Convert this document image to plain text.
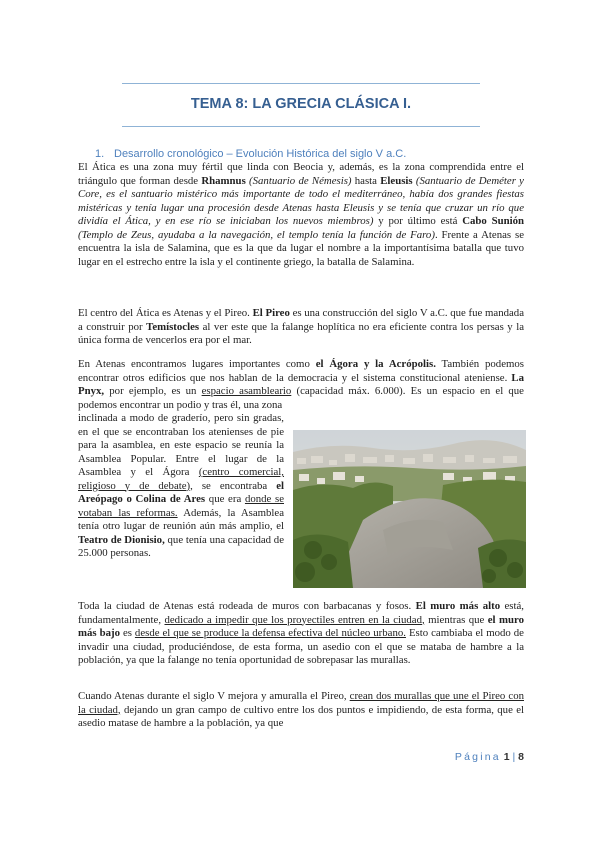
TEMA 8: LA GRECIA CLÁSICA I.
1. Desarrollo cronológico – Evolución Histórica del siglo V a.C.

El Ática es una zona muy fértil que linda con Beocia y, además, es la zona comprendida entre el triángulo que forman desde Rhamnus (Santuario de Némesis) hasta Eleusis (Santuario de Deméter y Core, es el santuario mistérico más importante de todo el mediterráneo, había dos grandes fiestas mistéricas y tenía lugar una procesión desde Atenas hasta Eleusis y se tenía que cruzar un río que dividía el Ática, y en ese río se iniciaban los nuevos miembros) y por último está Cabo Sunión (Templo de Zeus, ayudaba a la navegación, el templo tenía la función de Faro). Frente a Atenas se encuentra la isla de Salamina, que es la que da lugar el nombre a la importantísima batalla que tuvo lugar en el estrecho entre la isla y el continente griego, la batalla de Salamina.

El centro del Ática es Atenas y el Pireo. El Pireo es una construcción del siglo V a.C. que fue mandada a construir por Temístocles al ver este que la falange hoplítica no era eficiente contra los persas y la única forma de vencerlos era por el mar.

En Atenas encontramos lugares importantes como el Ágora y la Acrópolis. También podemos encontrar otros edificios que nos hablan de la democracia y el sistema constitucional ateniense. La Pnyx, por ejemplo, es un espacio asambleario (capacidad máx. 6.000). Es un espacio en el que podemos encontrar un podio y tras él, una zona

inclinada a modo de graderío, pero sin gradas, en el que se encontraban los atenienses de pie para la asamblea, en este espacio se reunía la Asamblea Popular. Entre el lugar de la Asamblea y el Ágora (centro comercial, religioso y de debate), se encontraba el Areópago o Colina de Ares que era donde se votaban las reformas. Además, la Asamblea tenía otro lugar de reunión aún más amplio, el Teatro de Dionisio, que tenía una capacidad de 25.000 personas.

Toda la ciudad de Atenas está rodeada de muros con barbacanas y fosos. El muro más alto está, fundamentalmente, dedicado a impedir que los proyectiles entren en la ciudad, mientras que el muro más bajo es desde el que se produce la defensa efectiva del núcleo urbano. Esto cambiaba el modo de invadir una ciudad, produciéndose, de esta forma, un asedio con el que se mataba de hambre a la población, ya que la falange no tenía oportunidad de sobrepasar las murallas.

Cuando Atenas durante el siglo V mejora y amuralla el Pireo, crean dos murallas que une el Pireo con la ciudad, dejando un gran campo de cultivo entre los dos puntos e impidiendo, de esta forma, que el asedio matase de hambre a la población, ya que

Página 1 | 8
